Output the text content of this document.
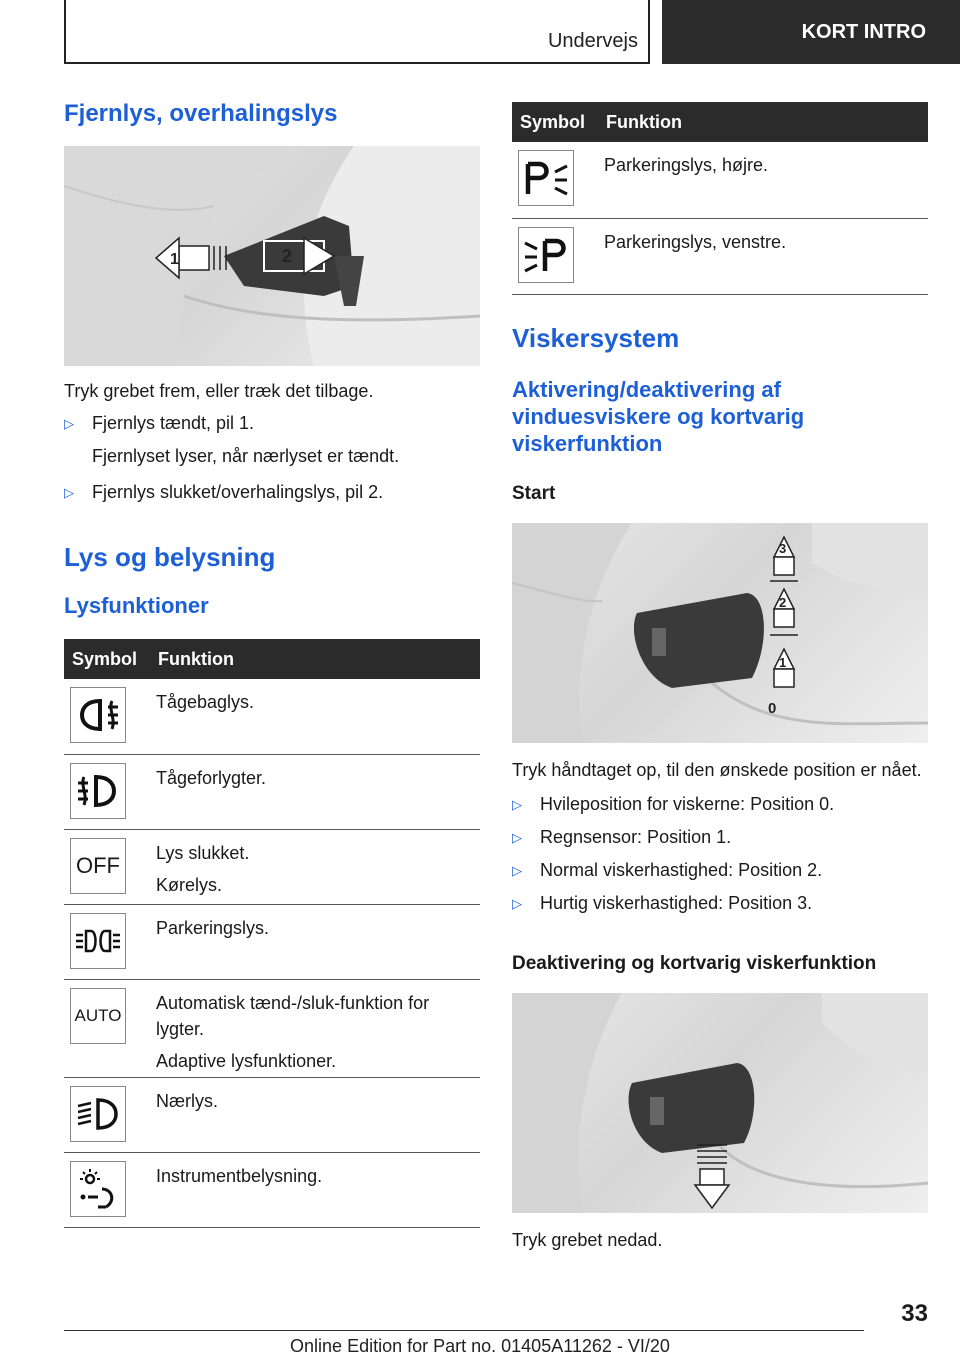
Undervejs	KORT INTRO
Fjernlys, overhalingslys
2
1
Tryk grebet frem, eller træk det tilbage.
▷	Fjernlys tændt, pil 1.
Fjernlyset lyser, når nærlyset er tændt.
▷	Fjernlys slukket/overhalingslys, pil 2.
Lys og belysning
Lysfunktioner
Symbol	Funktion

	Tågebaglys.

	Tågeforlygter.

OFF	Lys slukket.
Kørelys.

	Parkeringslys.

AUTO	Automatisk tænd-/sluk-funktion for lygter.
Adaptive lysfunktioner.

	Nærlys.

	Instrumentbelysning.
Symbol	Funktion

	Parkeringslys, højre.

	Parkeringslys, venstre.
Viskersystem
Aktivering/deaktivering af vinduesviskere og kortvarig viskerfunktion
Start
3
2
1
0
Tryk håndtaget op, til den ønskede position er nået.
▷	Hvileposition for viskerne: Position 0.
▷	Regnsensor: Position 1.
▷	Normal viskerhastighed: Position 2.
▷	Hurtig viskerhastighed: Position 3.
Deaktivering og kortvarig viskerfunktion
Tryk grebet nedad.
33
Online Edition for Part no. 01405A11262 - VI/20
